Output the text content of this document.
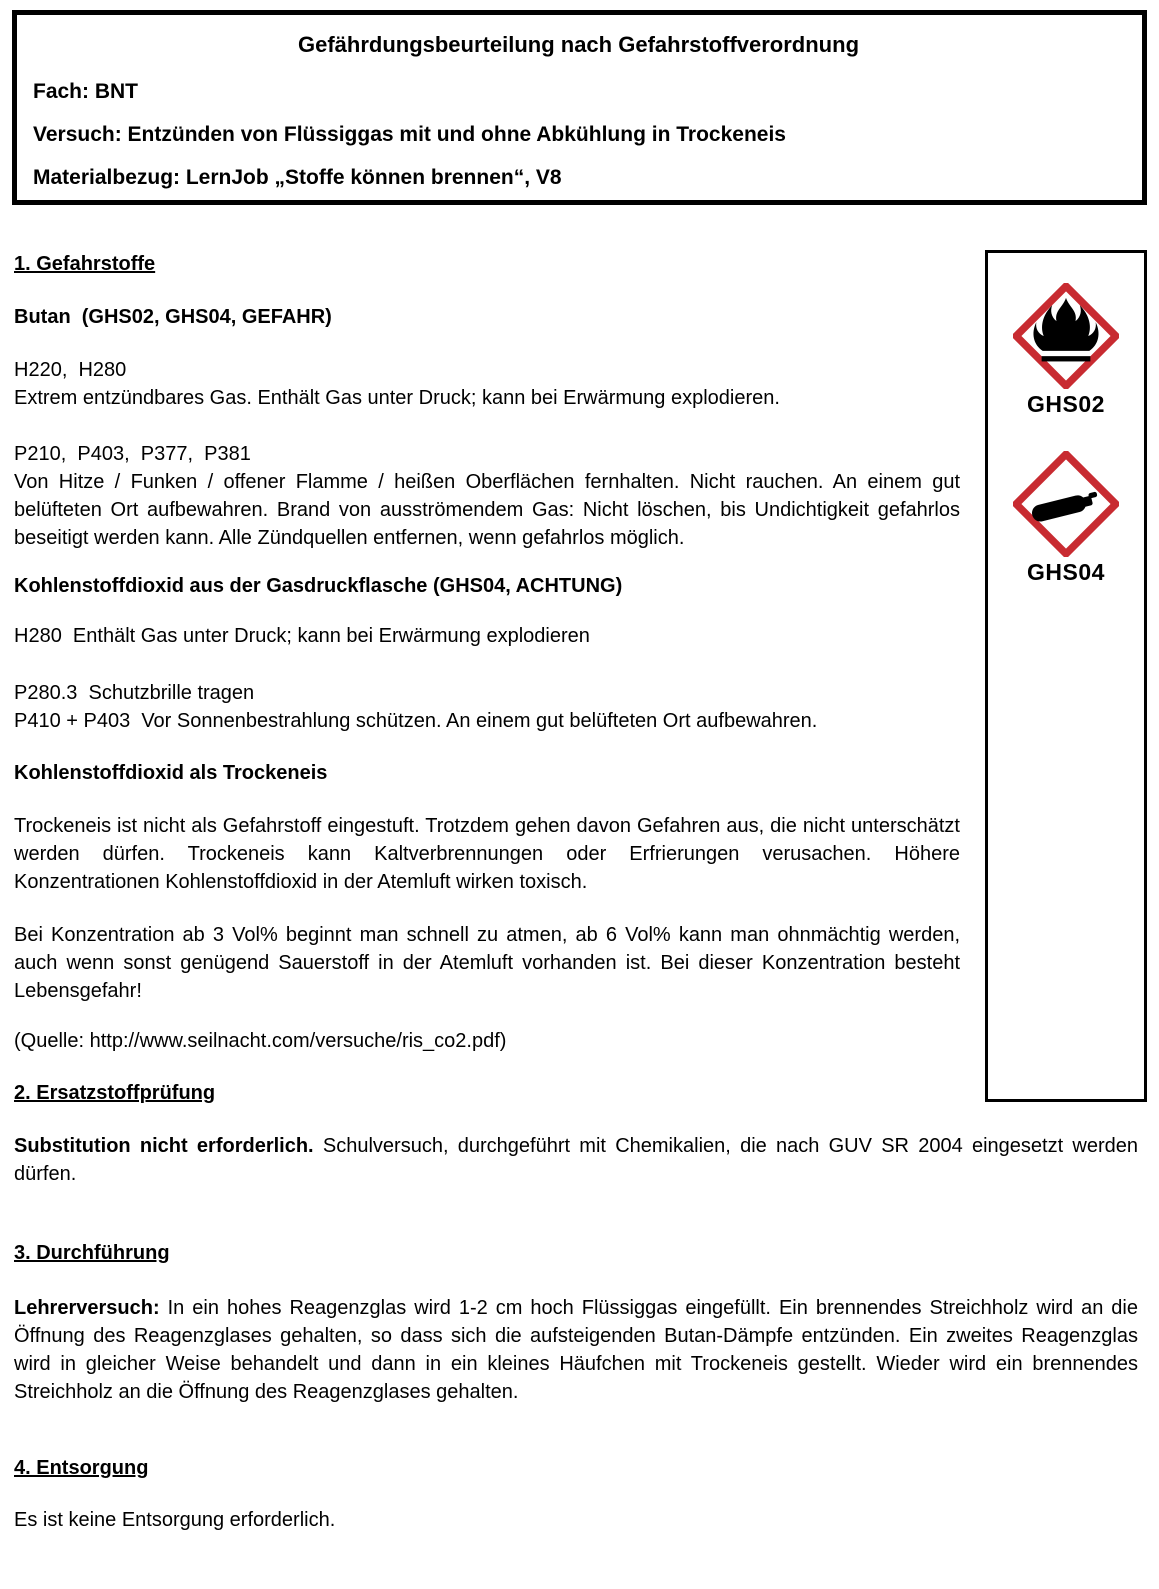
Gefährdungsbeurteilung nach Gefahrstoffverordnung
Fach: BNT
Versuch: Entzünden von Flüssiggas mit und ohne Abkühlung in Trockeneis
Materialbezug: LernJob „Stoffe können brennen“, V8
GHS02
GHS04
1. Gefahrstoffe

Butan  (GHS02, GHS04, GEFAHR)

H220,  H280

Extrem entzündbares Gas. Enthält Gas unter Druck; kann bei Erwärmung explodieren.

P210,  P403,  P377,  P381

Von Hitze / Funken / offener Flamme / heißen Oberflächen fernhalten. Nicht rauchen. An einem gut belüfteten Ort aufbewahren. Brand von ausströmendem Gas: Nicht löschen, bis Undichtigkeit gefahrlos beseitigt werden kann. Alle Zündquellen entfernen, wenn gefahrlos möglich.

Kohlenstoffdioxid aus der Gasdruckflasche (GHS04, ACHTUNG)

H280  Enthält Gas unter Druck; kann bei Erwärmung explodieren

P280.3  Schutzbrille tragen

P410 + P403  Vor Sonnenbestrahlung schützen. An einem gut belüfteten Ort aufbewahren.

Kohlenstoffdioxid als Trockeneis

Trockeneis ist nicht als Gefahrstoff eingestuft. Trotzdem gehen davon Gefahren aus, die nicht unterschätzt werden dürfen. Trockeneis kann Kaltverbrennungen oder Erfrierungen verusachen. Höhere Konzentrationen Kohlenstoffdioxid in der Atemluft wirken toxisch.

Bei Konzentration ab 3 Vol% beginnt man schnell zu atmen, ab 6 Vol% kann man ohnmächtig werden, auch wenn sonst genügend Sauerstoff in der Atemluft vorhanden ist. Bei dieser Konzentration besteht Lebensgefahr!

(Quelle: http://www.seilnacht.com/versuche/ris_co2.pdf)

2. Ersatzstoffprüfung

Substitution nicht erforderlich. Schulversuch, durchgeführt mit Chemikalien, die nach GUV SR 2004 eingesetzt werden dürfen.

3. Durchführung

Lehrerversuch: In ein hohes Reagenzglas wird 1-2 cm hoch Flüssiggas eingefüllt. Ein brennendes Streichholz wird an die Öffnung des Reagenzglases gehalten, so dass sich die aufsteigenden Butan-Dämpfe entzünden. Ein zweites Reagenzglas wird in gleicher Weise behandelt und dann in ein kleines Häufchen mit Trockeneis gestellt. Wieder wird ein brennendes Streichholz an die Öffnung des Reagenzglases gehalten.

4. Entsorgung

Es ist keine Entsorgung erforderlich.
